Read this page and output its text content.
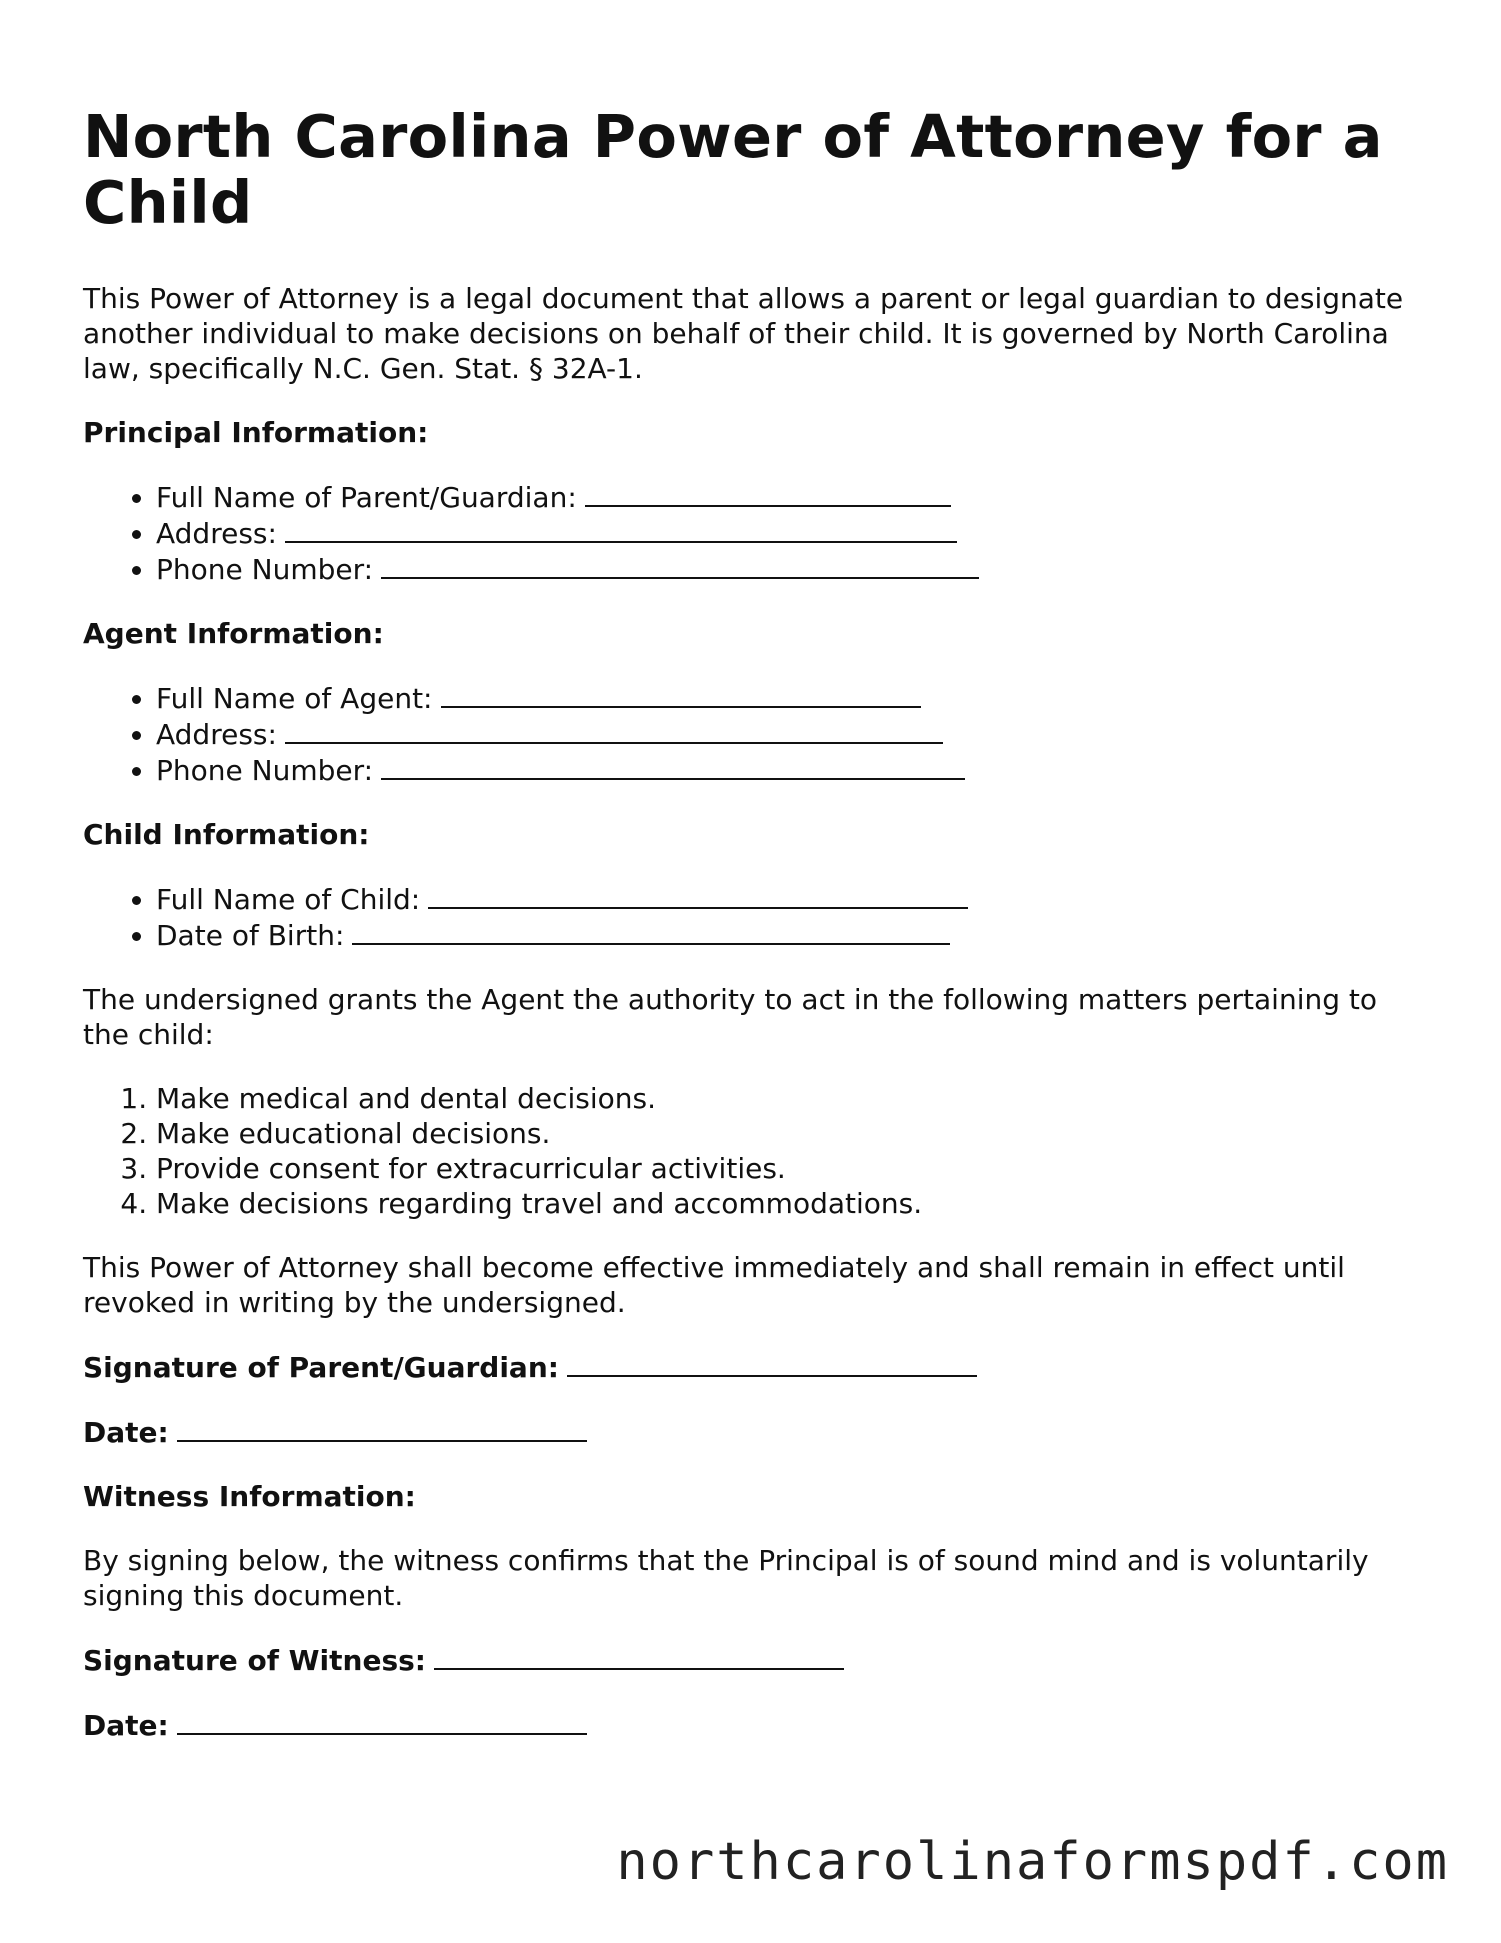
North Carolina Power of Attorney for a Child

This Power of Attorney is a legal document that allows a parent or legal guardian to designate another individual to make decisions on behalf of their child. It is governed by North Carolina law, specifically N.C. Gen. Stat. § 32A-1.

Principal Information:
• Full Name of Parent/Guardian:
• Address:
• Phone Number:
Agent Information:
• Full Name of Agent:
• Address:
• Phone Number:
Child Information:
• Full Name of Child:
• Date of Birth:

The undersigned grants the Agent the authority to act in the following matters pertaining to the child:

1. Make medical and dental decisions.
2. Make educational decisions.
3. Provide consent for extracurricular activities.
4. Make decisions regarding travel and accommodations.

This Power of Attorney shall become effective immediately and shall remain in effect until revoked in writing by the undersigned.

Signature of Parent/Guardian:
Date:
Witness Information:

By signing below, the witness confirms that the Principal is of sound mind and is voluntarily signing this document.

Signature of Witness:
Date:
northcarolinaformspdf.com
